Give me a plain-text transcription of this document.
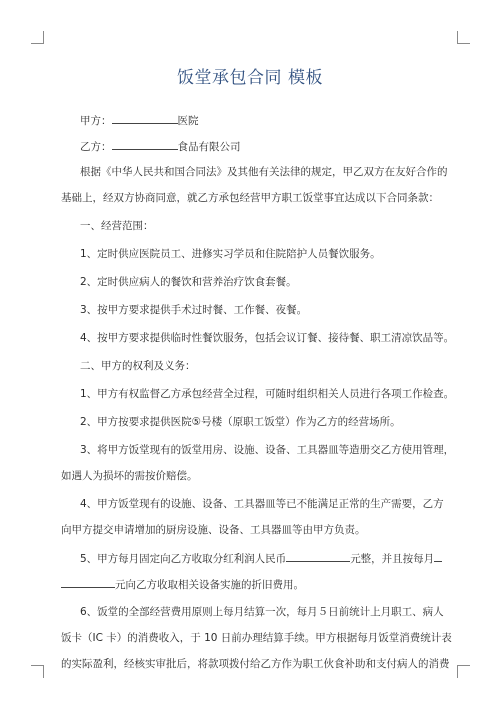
饭堂承包合同 模板
甲方：	医院
乙方：	食品有限公司
根据《中华人民共和国合同法》及其他有关法律的规定，甲乙双方在友好合作的
基础上，经双方协商同意，就乙方承包经营甲方职工饭堂事宜达成以下合同条款：
一、经营范围：
1、定时供应医院员工、进修实习学员和住院陪护人员餐饮服务。
2、定时供应病人的餐饮和营养治疗饮食套餐。
3、按甲方要求提供手术过时餐、工作餐、夜餐。
4、按甲方要求提供临时性餐饮服务，包括会议订餐、接待餐、职工清凉饮品等。
二、甲方的权利及义务：
1、甲方有权监督乙方承包经营全过程，可随时组织相关人员进行各项工作检查。
2、甲方按要求提供医院⑤号楼（原职工饭堂）作为乙方的经营场所。
3、将甲方饭堂现有的饭堂用房、设施、设备、工具器皿等造册交乙方使用管理，
如遇人为损坏的需按价赔偿。
4、甲方饭堂现有的设施、设备、工具器皿等已不能满足正常的生产需要，乙方
向甲方提交申请增加的厨房设施、设备、工具器皿等由甲方负责。
5、甲方每月固定向乙方收取分红利润人民币	元整，并且按每月
元向乙方收取相关设备实施的折旧费用。
6、饭堂的全部经营费用原则上每月结算一次，每月５日前统计上月职工、病人
饭卡（IC 卡）的消费收入，于 10 日前办理结算手续。甲方根据每月饭堂消费统计表
的实际盈利，经核实审批后，将款项拨付给乙方作为职工伙食补助和支付病人的消费
